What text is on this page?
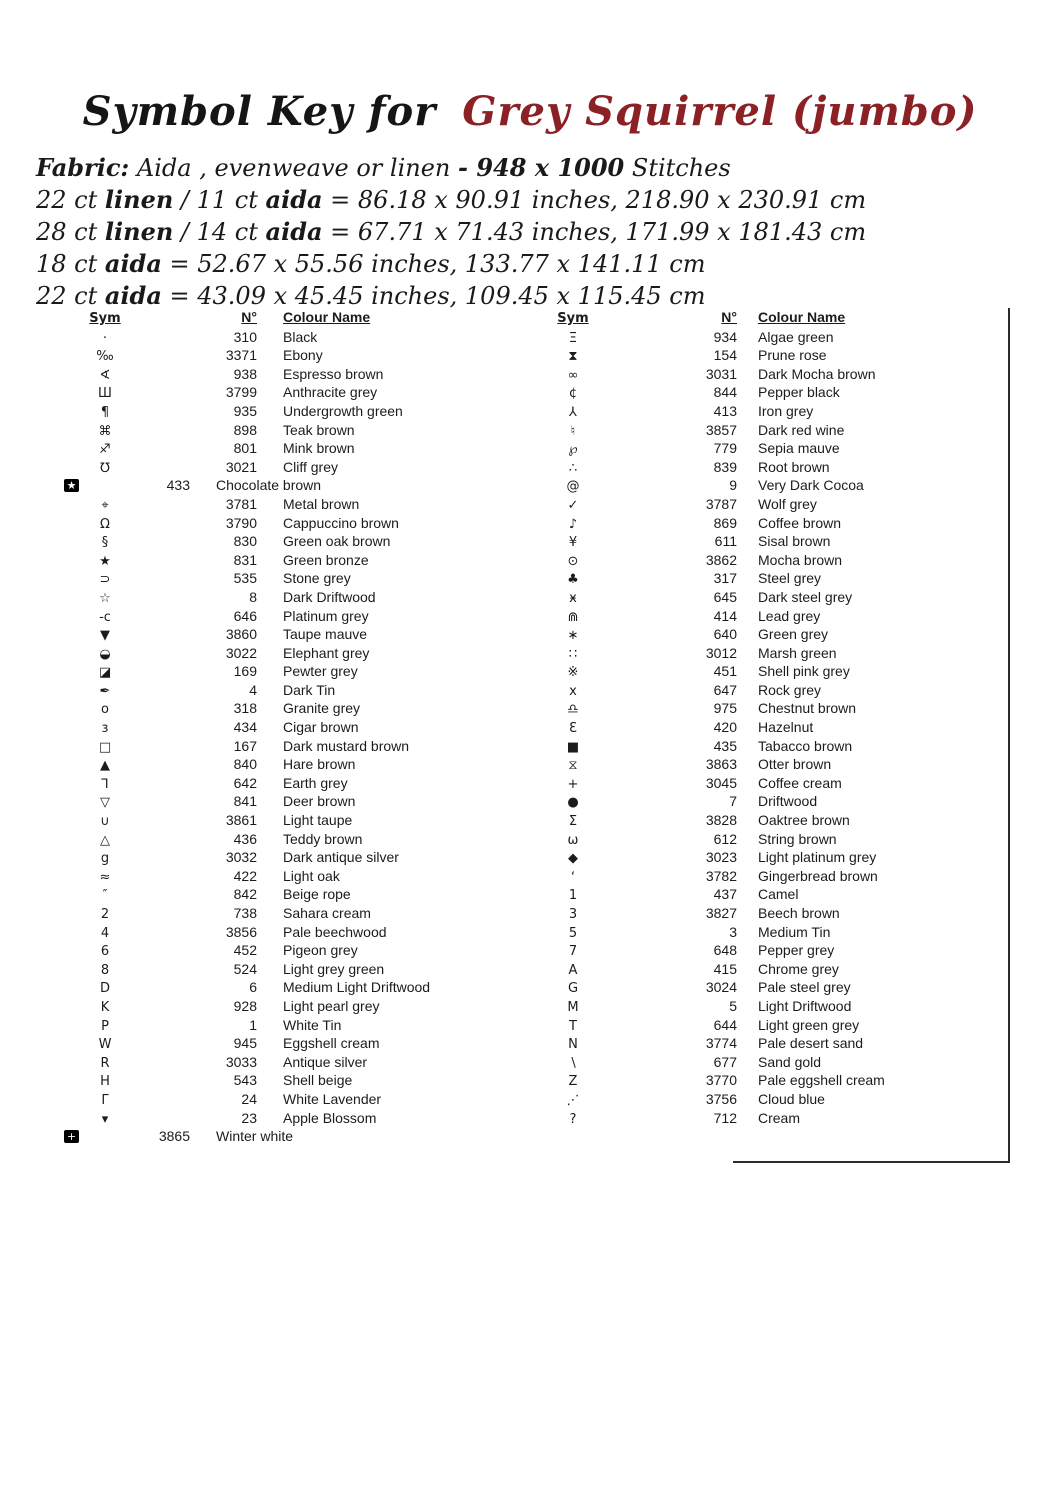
Symbol Key for Grey Squirrel (jumbo)
Fabric: Aida , evenweave or linen - 948 x 1000 Stitches
22 ct linen / 11 ct aida = 86.18 x 90.91 inches, 218.90 x 230.91 cm
28 ct linen / 14 ct aida = 67.71 x 71.43 inches, 171.99 x 181.43 cm
18 ct aida = 52.67 x 55.56 inches, 133.77 x 141.11 cm
22 ct aida = 43.09 x 45.45 inches, 109.45 x 115.45 cm
Sym	N° Colour Name
·	310 Black
‰	3371 Ebony
∢	938 Espresso brown
Ш	3799 Anthracite grey
¶	935 Undergrowth green
⌘	898 Teak brown
♐	801 Mink brown
℧	3021 Cliff grey
★	433 Chocolate brown
⌖	3781 Metal brown
Ω	3790 Cappuccino brown
§	830 Green oak brown
★	831 Green bronze
⊃	535 Stone grey
☆	8 Dark Driftwood
-c	646 Platinum grey
▼	3860 Taupe mauve
◒	3022 Elephant grey
◪	169 Pewter grey
✒	4 Dark Tin
o	318 Granite grey
ɜ	434 Cigar brown
□	167 Dark mustard brown
▲	840 Hare brown
⅂	642 Earth grey
▽	841 Deer brown
∪	3861 Light taupe
△	436 Teddy brown
g	3032 Dark antique silver
≈	422 Light oak
″	842 Beige rope
2	738 Sahara cream
4	3856 Pale beechwood
6	452 Pigeon grey
8	524 Light grey green
D	6 Medium Light Driftwood
K	928 Light pearl grey
P	1 White Tin
W	945 Eggshell cream
R	3033 Antique silver
H	543 Shell beige
Γ	24 White Lavender
▾	23 Apple Blossom
+	3865 Winter white
Sym	N° Colour Name
Ξ	934 Algae green
⧗	154 Prune rose
∞	3031 Dark Mocha brown
¢	844 Pepper black
⅄	413 Iron grey
♮	3857 Dark red wine
℘	779 Sepia mauve
∴	839 Root brown
@	9 Very Dark Cocoa
✓	3787 Wolf grey
♪	869 Coffee brown
¥	611 Sisal brown
⊙	3862 Mocha brown
♣	317 Steel grey
ӿ	645 Dark steel grey
⋒	414 Lead grey
∗	640 Green grey
∷	3012 Marsh green
※	451 Shell pink grey
x	647 Rock grey
♎	975 Chestnut brown
Ɛ	420 Hazelnut
■	435 Tabacco brown
⧖	3863 Otter brown
+	3045 Coffee cream
●	7 Driftwood
Σ	3828 Oaktree brown
ω	612 String brown
◆	3023 Light platinum grey
ʻ	3782 Gingerbread brown
1	437 Camel
3	3827 Beech brown
5	3 Medium Tin
7	648 Pepper grey
A	415 Chrome grey
G	3024 Pale steel grey
M	5 Light Driftwood
T	644 Light green grey
N	3774 Pale desert sand
∖	677 Sand gold
Z	3770 Pale eggshell cream
⋰	3756 Cloud blue
?	712 Cream
